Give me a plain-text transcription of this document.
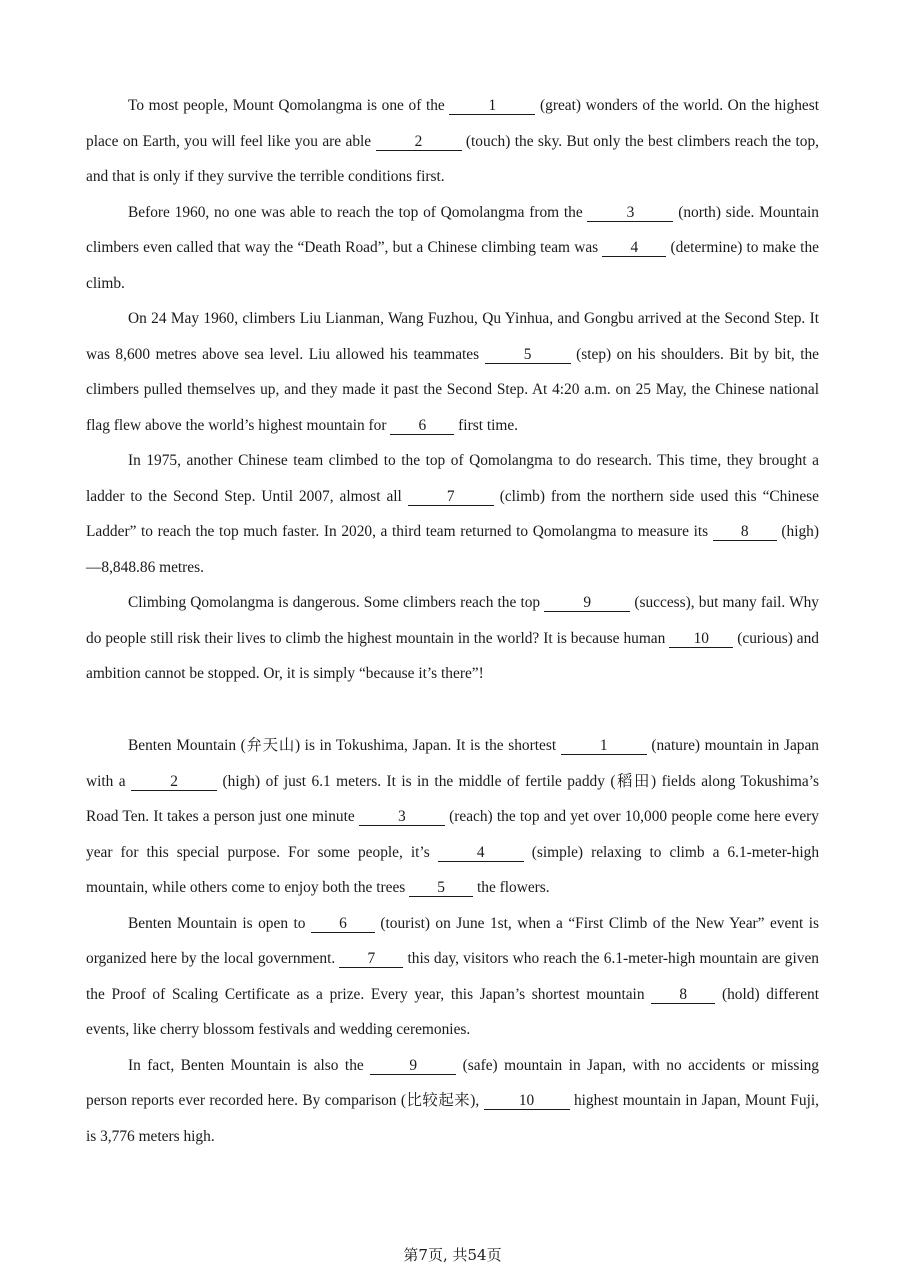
To most people, Mount Qomolangma is one of the	1	(great) wonders of the world. On the highest place on Earth, you will feel like you are able	2	(touch) the sky. But only the best climbers reach the top, and that is only if they survive the terrible conditions first.

Before 1960, no one was able to reach the top of Qomolangma from the	3	(north) side. Mountain climbers even called that way the “Death Road”, but a Chinese climbing team was 4 (determine) to make the climb.

On 24 May 1960, climbers Liu Lianman, Wang Fuzhou, Qu Yinhua, and Gongbu arrived at the Second Step. It was 8,600 metres above sea level. Liu allowed his teammates	5	(step) on his shoulders. Bit by bit, the climbers pulled themselves up, and they made it past the Second Step. At 4:20 a.m. on 25 May, the Chinese national flag flew above the world’s highest mountain for 6 first time.

In 1975, another Chinese team climbed to the top of Qomolangma to do research. This time, they brought a ladder to the Second Step. Until 2007, almost all	7	(climb) from the northern side used this “Chinese Ladder” to reach the top much faster. In 2020, a third team returned to Qomolangma to measure its 8 (high)—8,848.86 metres.

Climbing Qomolangma is dangerous. Some climbers reach the top	9	(success), but many fail. Why do people still risk their lives to climb the highest mountain in the world? It is because human 10 (curious) and ambition cannot be stopped. Or, it is simply “because it’s there”!

Benten Mountain (弁天山) is in Tokushima, Japan. It is the shortest	1	(nature) mountain in Japan with a	2	(high) of just 6.1 meters. It is in the middle of fertile paddy (稻田) fields along Tokushima’s Road Ten. It takes a person just one minute	3	(reach) the top and yet over 10,000 people come here every year for this special purpose. For some people, it’s	4	(simple) relaxing to climb a 6.1-meter-high mountain, while others come to enjoy both the trees 5 the flowers.

Benten Mountain is open to 6 (tourist) on June 1st, when a “First Climb of the New Year” event is organized here by the local government. 7 this day, visitors who reach the 6.1-meter-high mountain are given the Proof of Scaling Certificate as a prize. Every year, this Japan’s shortest mountain 8 (hold) different events, like cherry blossom festivals and wedding ceremonies.

In fact, Benten Mountain is also the	9	(safe) mountain in Japan, with no accidents or missing person reports ever recorded here. By comparison (比较起来), 10 highest mountain in Japan, Mount Fuji, is 3,776 meters high.

第7页, 共54页
